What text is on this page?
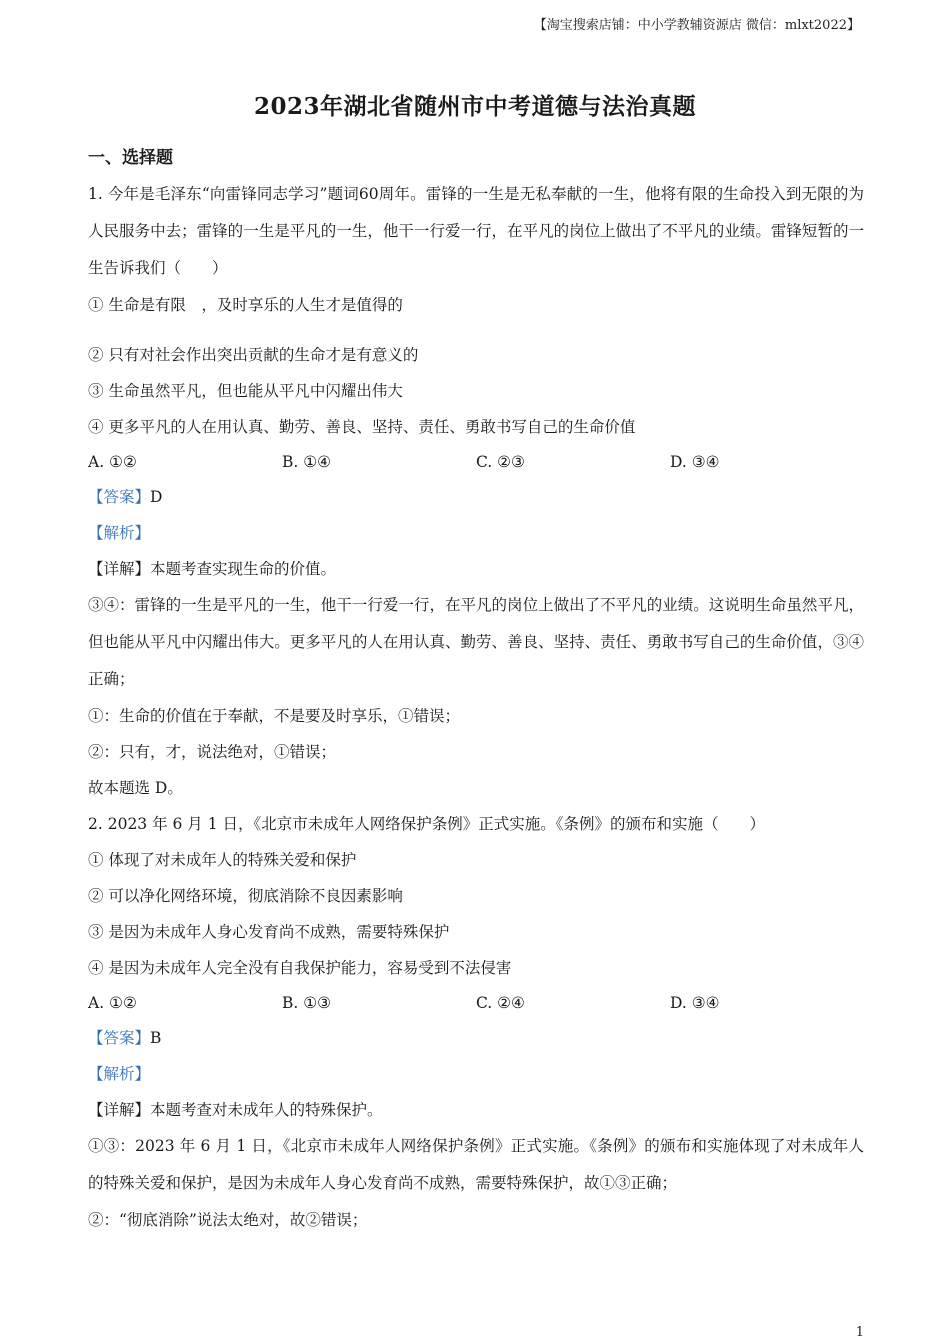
【淘宝搜索店铺：中小学教辅资源店 微信：mlxt2022】
2023年湖北省随州市中考道德与法治真题
一、选择题
1. 今年是毛泽东“向雷锋同志学习”题词60周年。雷锋的一生是无私奉献的一生，他将有限的生命投入到无限的为人民服务中去；雷锋的一生是平凡的一生，他干一行爱一行，在平凡的岗位上做出了不平凡的业绩。雷锋短暂的一生告诉我们（　　）
① 生命是有限　，及时享乐的人生才是值得的
② 只有对社会作出突出贡献的生命才是有意义的
③ 生命虽然平凡，但也能从平凡中闪耀出伟大
④ 更多平凡的人在用认真、勤劳、善良、坚持、责任、勇敢书写自己的生命价值
A. ①②	B. ①④	C. ②③	D. ③④
【答案】D
【解析】
【详解】本题考查实现生命的价值。
③④：雷锋的一生是平凡的一生，他干一行爱一行，在平凡的岗位上做出了不平凡的业绩。这说明生命虽然平凡，但也能从平凡中闪耀出伟大。更多平凡的人在用认真、勤劳、善良、坚持、责任、勇敢书写自己的生命价值，③④正确；
①：生命的价值在于奉献，不是要及时享乐，①错误；
②：只有，才，说法绝对，①错误；
故本题选 D。
2. 2023 年 6 月 1 日，《北京市未成年人网络保护条例》正式实施。《条例》的颁布和实施（　　）
① 体现了对未成年人的特殊关爱和保护
② 可以净化网络环境，彻底消除不良因素影响
③ 是因为未成年人身心发育尚不成熟，需要特殊保护
④ 是因为未成年人完全没有自我保护能力，容易受到不法侵害
A. ①②	B. ①③	C. ②④	D. ③④
【答案】B
【解析】
【详解】本题考查对未成年人的特殊保护。
①③：2023 年 6 月 1 日，《北京市未成年人网络保护条例》正式实施。《条例》的颁布和实施体现了对未成年人的特殊关爱和保护，是因为未成年人身心发育尚不成熟，需要特殊保护，故①③正确；
②：“彻底消除”说法太绝对，故②错误；
1
